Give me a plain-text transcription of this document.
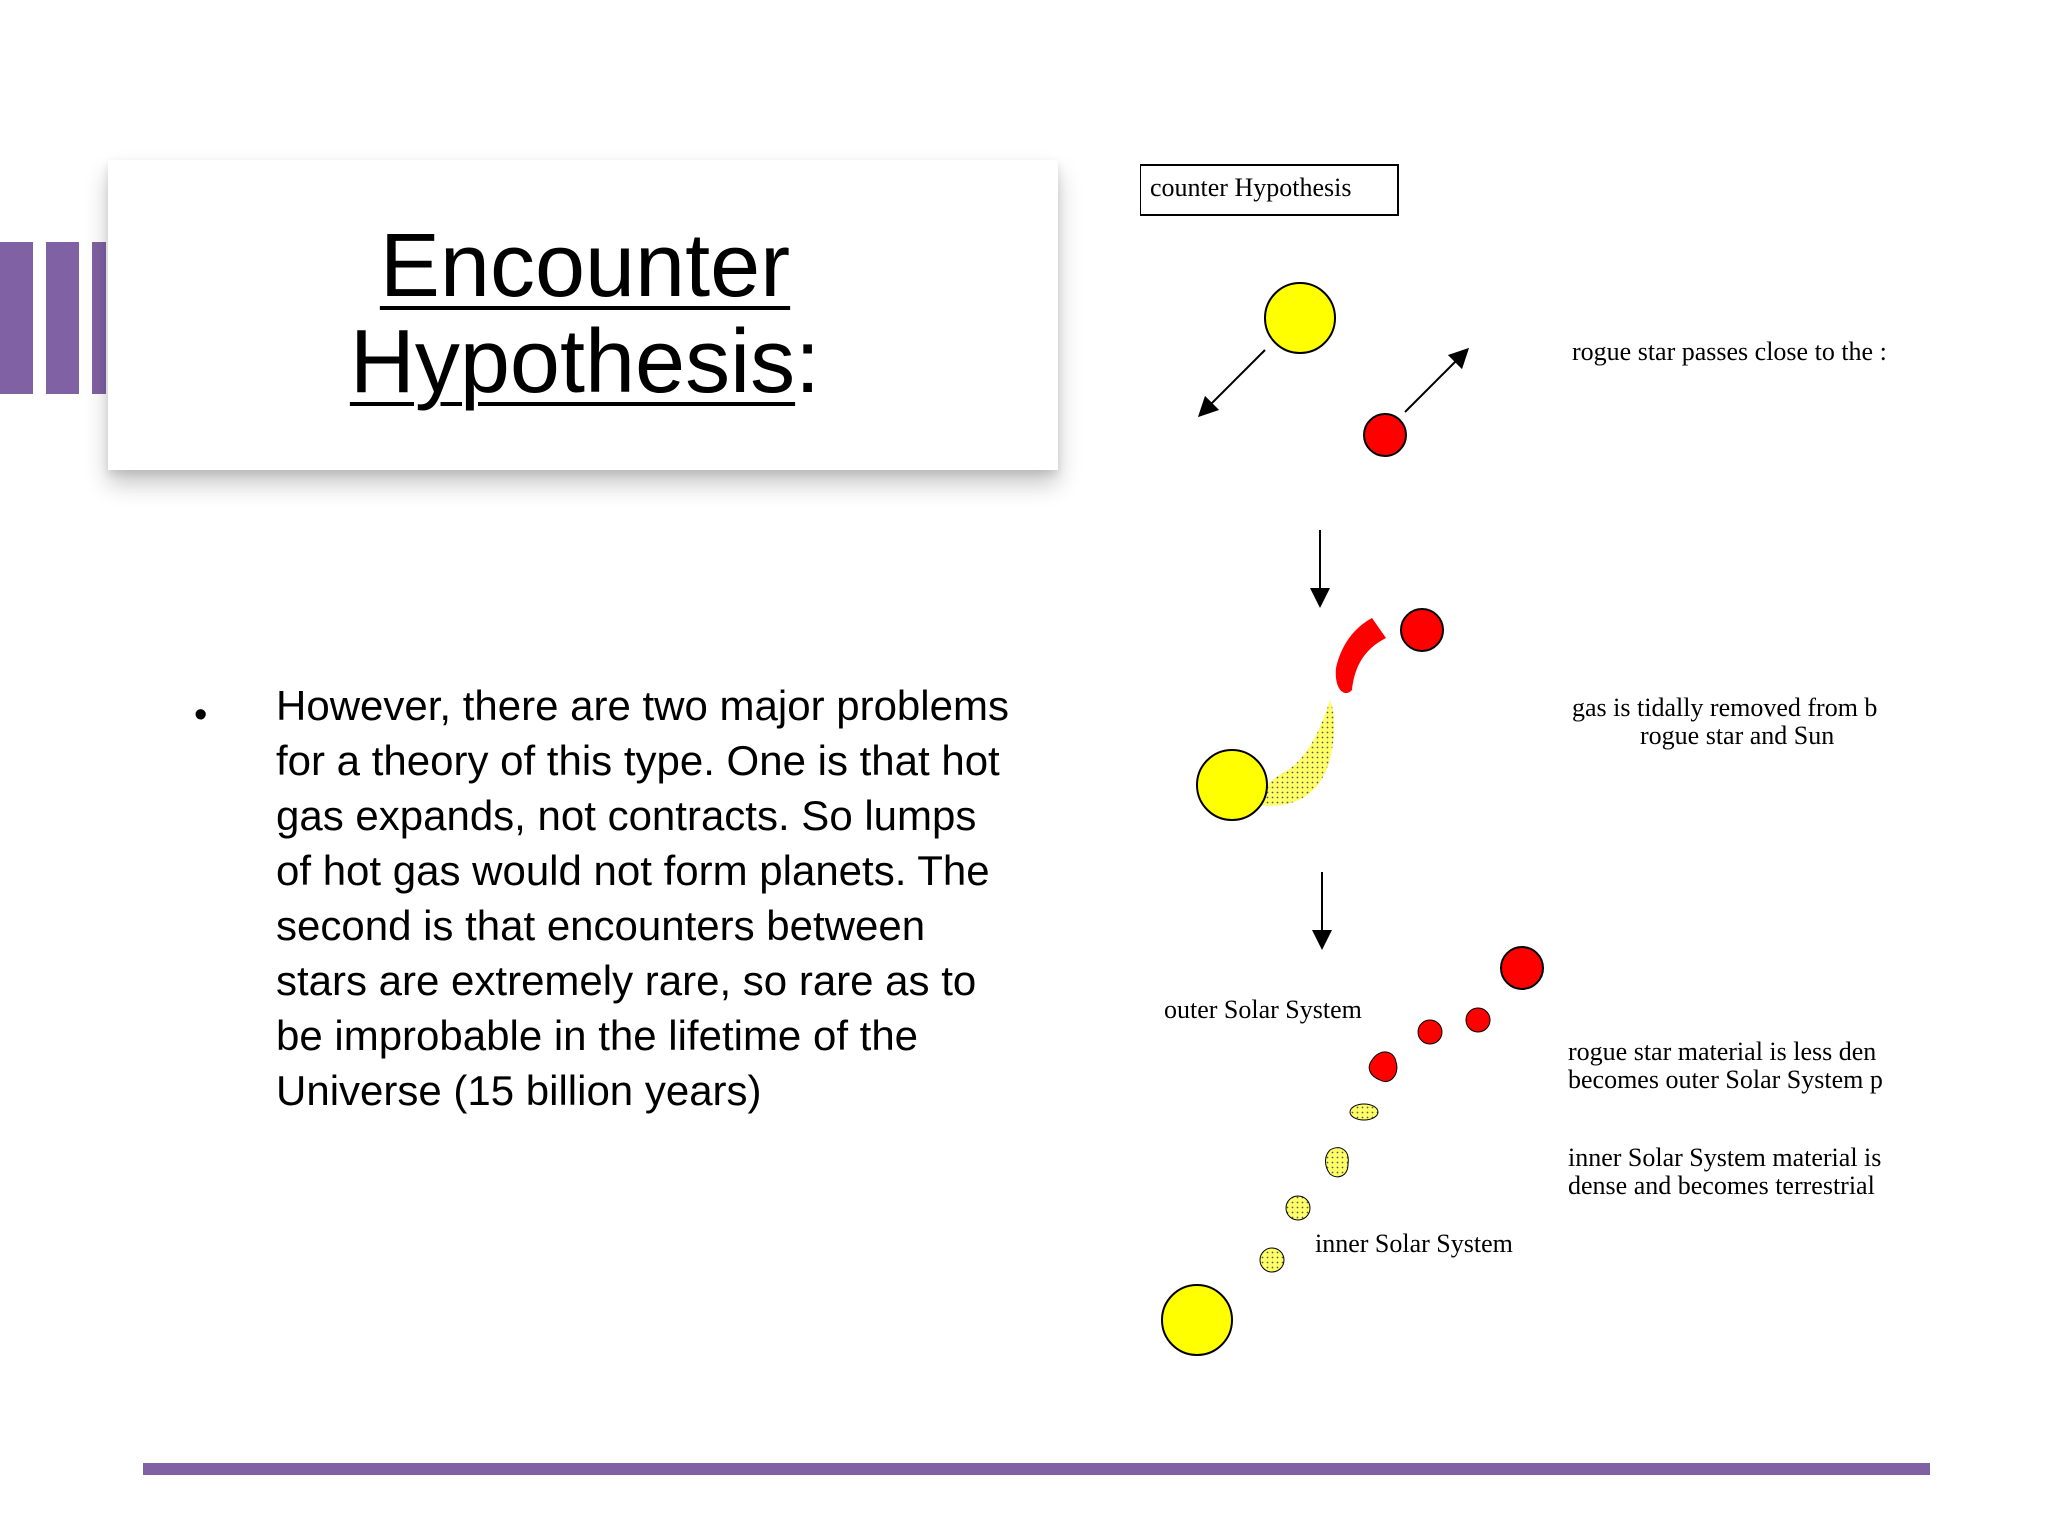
Encounter
Hypothesis:
• However, there are two major problems for a theory of this type. One is that hot gas expands, not contracts. So lumps of hot gas would not form planets. The second is that encounters between stars are extremely rare, so rare as to be improbable in the lifetime of the Universe (15 billion years)
counter Hypothesis
rogue star passes close to the :
gas is tidally removed from b
rogue star and Sun
outer Solar System
inner Solar System
rogue star material is less den
becomes outer Solar System p
inner Solar System material is
dense and becomes terrestrial
